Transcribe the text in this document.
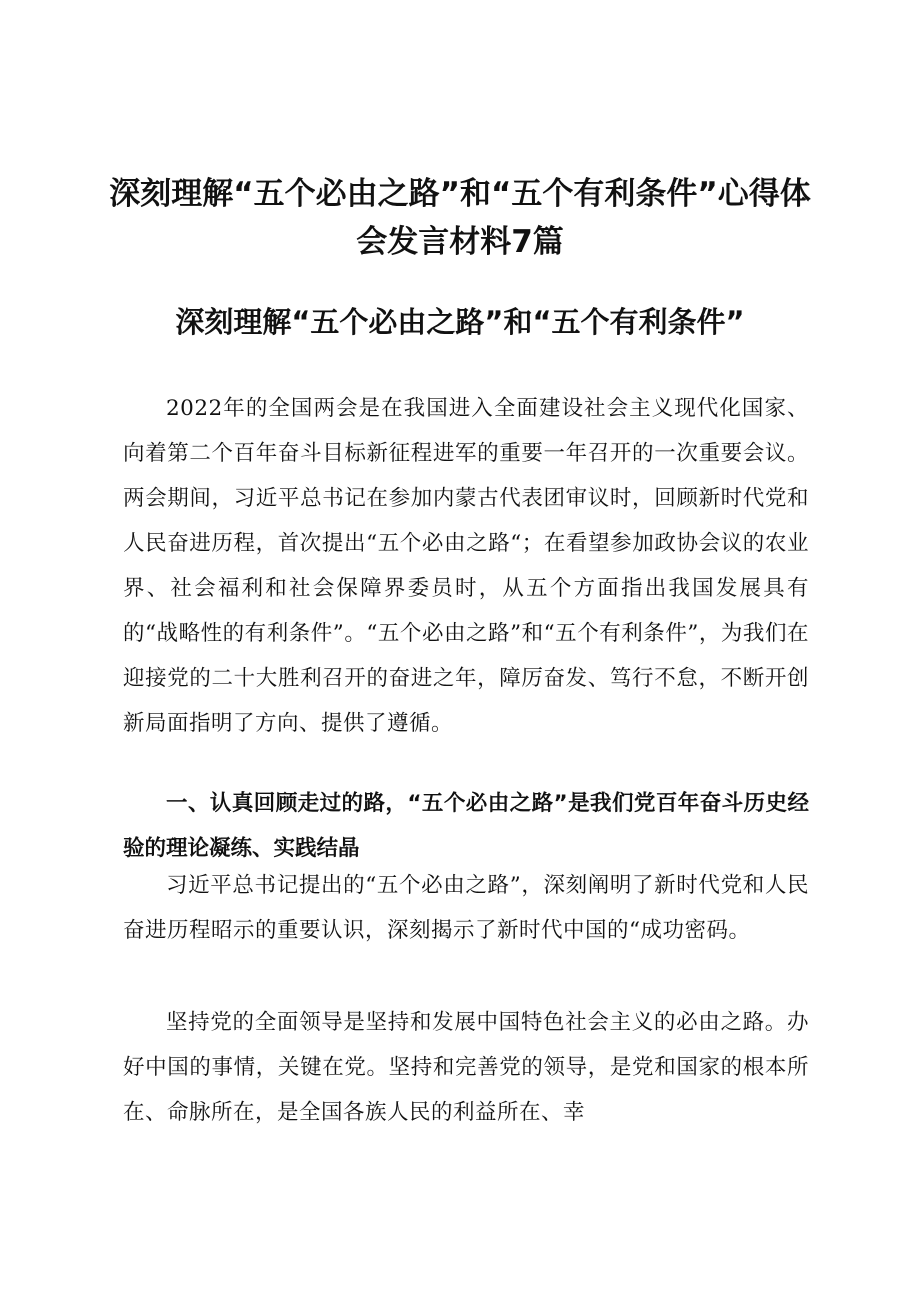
深刻理解“五个必由之路”和“五个有利条件”心得体会发言材料7篇
深刻理解“五个必由之路”和“五个有利条件”

2022年的全国两会是在我国进入全面建设社会主义现代化国家、向着第二个百年奋斗目标新征程进军的重要一年召开的一次重要会议。两会期间，习近平总书记在参加内蒙古代表团审议时，回顾新时代党和人民奋进历程，首次提出“五个必由之路“；在看望参加政协会议的农业界、社会福利和社会保障界委员时，从五个方面指出我国发展具有的“战略性的有利条件”。“五个必由之路”和“五个有利条件”，为我们在迎接党的二十大胜利召开的奋进之年，障厉奋发、笃行不怠，不断开创新局面指明了方向、提供了遵循。

一、认真回顾走过的路，“五个必由之路”是我们党百年奋斗历史经验的理论凝练、实践结晶

习近平总书记提出的“五个必由之路”，深刻阐明了新时代党和人民奋进历程昭示的重要认识，深刻揭示了新时代中国的“成功密码。

坚持党的全面领导是坚持和发展中国特色社会主义的必由之路。办好中国的事情，关键在党。坚持和完善党的领导，是党和国家的根本所在、命脉所在，是全国各族人民的利益所在、幸
